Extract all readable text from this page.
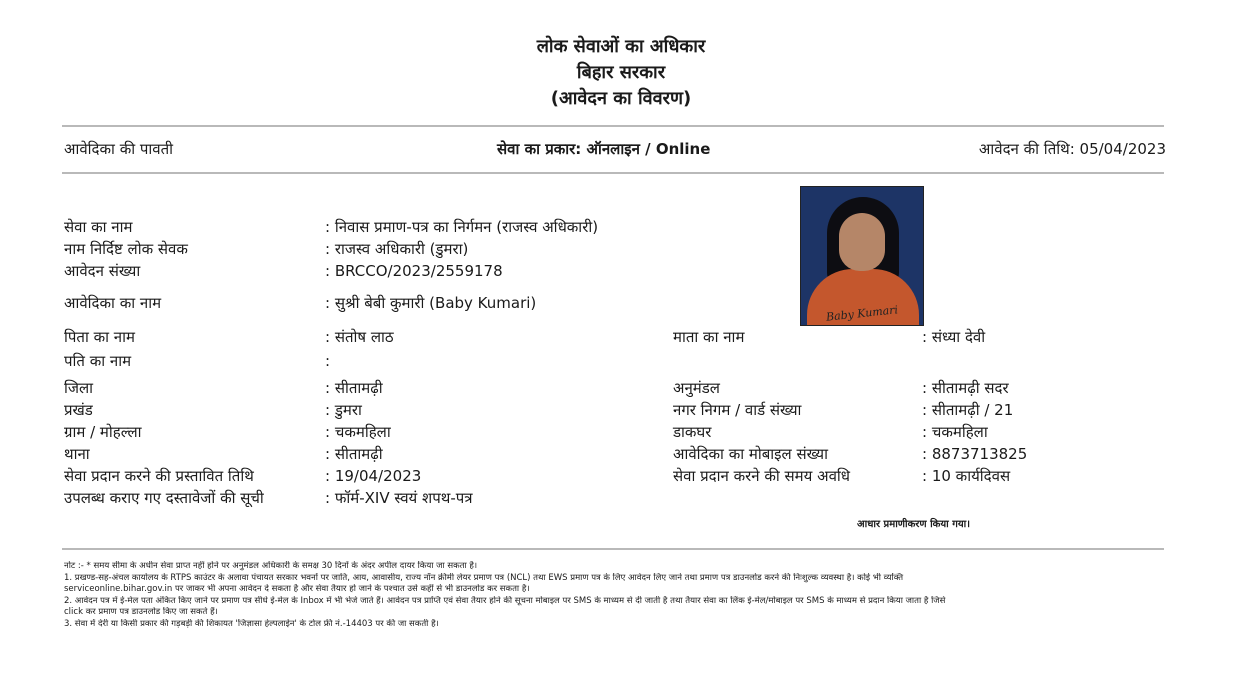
लोक सेवाओं का अधिकार
बिहार सरकार
(आवेदन का विवरण)
आवेदिका की पावती	सेवा का प्रकार: ऑनलाइन / Online	आवेदन की तिथि: 05/04/2023
Baby Kumari
सेवा का नाम	: निवास प्रमाण-पत्र का निर्गमन (राजस्व अधिकारी)
नाम निर्दिष्ट लोक सेवक	: राजस्व अधिकारी (डुमरा)
आवेदन संख्या	: BRCCO/2023/2559178
आवेदिका का नाम	: सुश्री बेबी कुमारी (Baby Kumari)
पिता का नाम	: संतोष लाठ	माता का नाम	: संध्या देवी
पति का नाम	:
जिला	: सीतामढ़ी	अनुमंडल	: सीतामढ़ी सदर
प्रखंड	: डुमरा	नगर निगम / वार्ड संख्या	: सीतामढ़ी / 21
ग्राम / मोहल्ला	: चकमहिला	डाकघर	: चकमहिला
थाना	: सीतामढ़ी	आवेदिका का मोबाइल संख्या	: 8873713825
सेवा प्रदान करने की प्रस्तावित तिथि	: 19/04/2023	सेवा प्रदान करने की समय अवधि	: 10 कार्यदिवस
उपलब्ध कराए गए दस्तावेजों की सूची	: फॉर्म-XIV स्वयं शपथ-पत्र
आधार प्रमाणीकरण किया गया।
नोट :- * समय सीमा के अधीन सेवा प्राप्त नहीं होने पर अनुमंडल अधिकारी के समक्ष 30 दिनों के अंदर अपील दायर किया जा सकता है।
1. प्रखण्ड-सह-अंचल कार्यालय के RTPS काउंटर के अलावा पंचायत सरकार भवनों पर जाति, आय, आवासीय, राज्य नॉन क्रीमी लेयर प्रमाण पत्र (NCL) तथा EWS प्रमाण पत्र के लिए आवेदन लिए जाने तथा प्रमाण पत्र डाउनलोड करने की निःशुल्क व्यवस्था है। कोई भी व्यक्ति
serviceonline.bihar.gov.in पर जाकर भी अपना आवेदन दे सकता है और सेवा तैयार हो जाने के पश्चात उसे कहीं से भी डाउनलोड कर सकता है।
2. आवेदन पत्र में ई-मेल पता अंकित किए जाने पर प्रमाण पत्र सीधे ई-मेल के Inbox में भी भेजे जाते हैं। आवेदन पत्र प्राप्ति एवं सेवा तैयार होने की सूचना मोबाइल पर SMS के माध्यम से दी जाती है तथा तैयार सेवा का लिंक ई-मेल/मोबाइल पर SMS के माध्यम से प्रदान किया जाता है जिसे
click कर प्रमाण पत्र डाउनलोड किए जा सकते हैं।
3. सेवा में देरी या किसी प्रकार की गड़बड़ी की शिकायत 'जिज्ञासा हेल्पलाईन' के टोल फ्री नं.-14403 पर की जा सकती है।
